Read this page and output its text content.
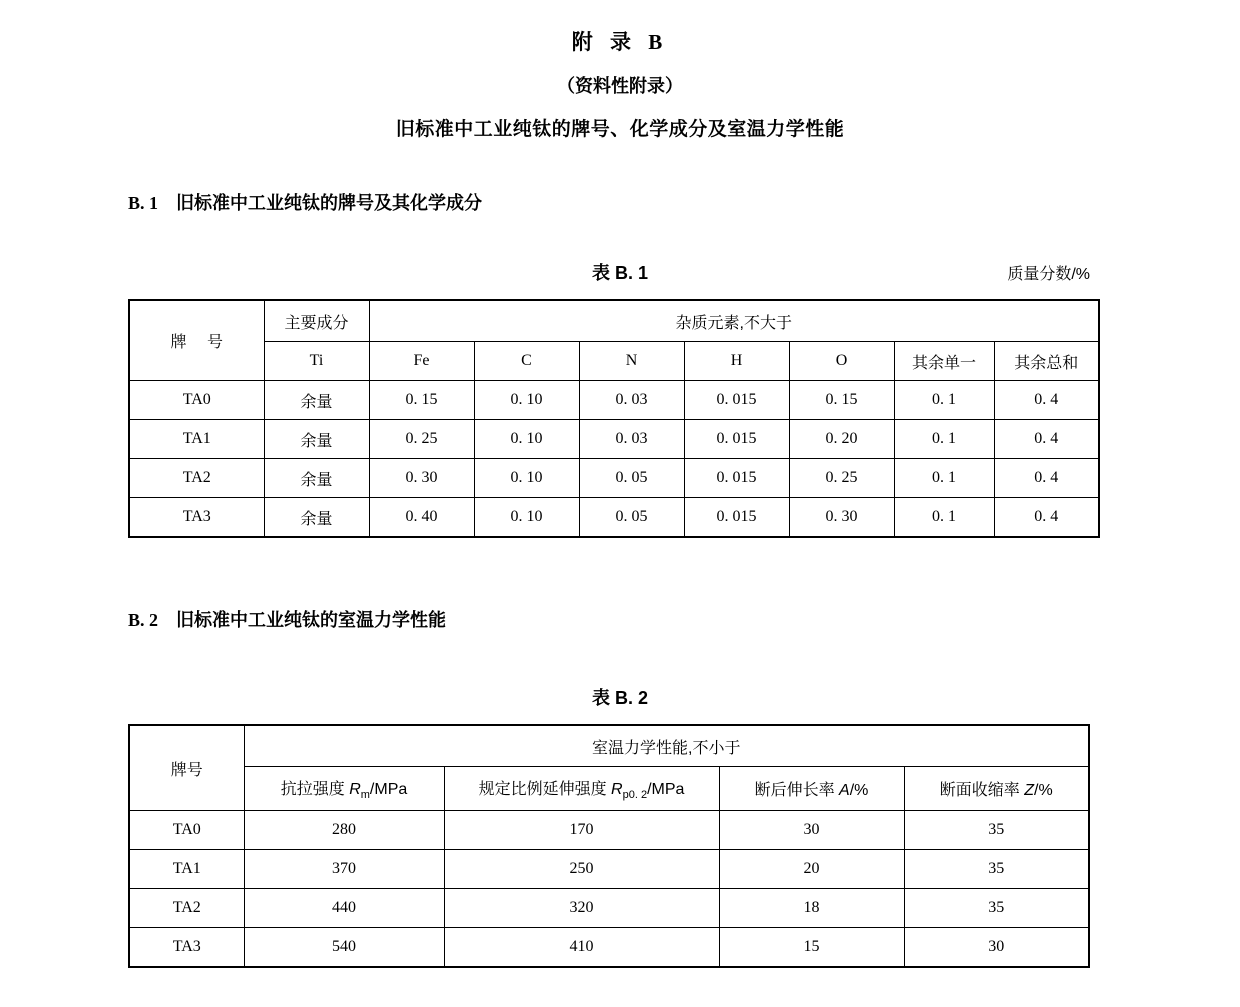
附 录 B
（资料性附录）
旧标准中工业纯钛的牌号、化学成分及室温力学性能
B. 1 旧标准中工业纯钛的牌号及其化学成分
表 B. 1	质量分数/%
牌 号	主要成分	杂质元素,不大于						
	Ti	Fe	C	N	H	O	其余单一	其余总和
TA0	余量	0. 15	0. 10	0. 03	0. 015	0. 15	0. 1	0. 4
TA1	余量	0. 25	0. 10	0. 03	0. 015	0. 20	0. 1	0. 4
TA2	余量	0. 30	0. 10	0. 05	0. 015	0. 25	0. 1	0. 4
TA3	余量	0. 40	0. 10	0. 05	0. 015	0. 30	0. 1	0. 4
B. 2 旧标准中工业纯钛的室温力学性能
表 B. 2
牌号	室温力学性能,不小于			
	抗拉强度 $R_m$/MPa	规定比例延伸强度 $R_{p0. 2}$/MPa	断后伸长率 A/%	断面收缩率 Z/%
TA0	280	170	30	35
TA1	370	250	20	35
TA2	440	320	18	35
TA3	540	410	15	30
